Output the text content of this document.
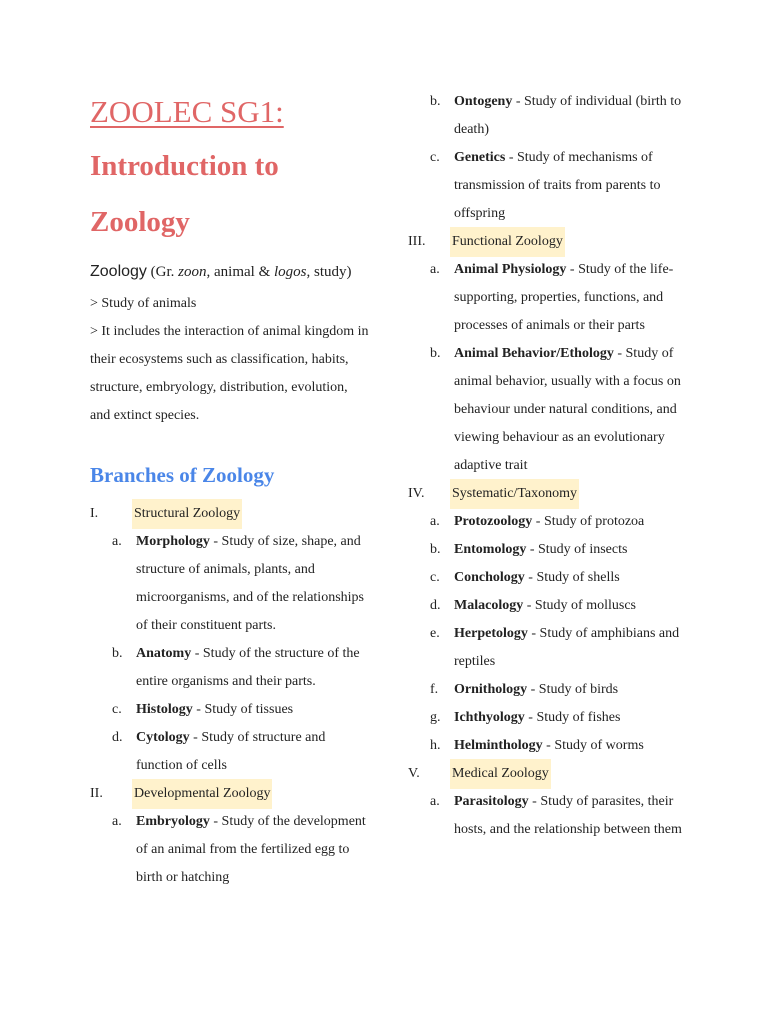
ZOOLEC SG1:
Introduction to
Zoology
Zoology (Gr. zoon, animal & logos, study)

> Study of animals

> It includes the interaction of animal kingdom in their ecosystems such as classification, habits, structure, embryology, distribution, evolution, and extinct species.

Branches of Zoology
I.	Structural Zoology
a.	Morphology - Study of size, shape, and structure of animals, plants, and microorganisms, and of the relationships of their constituent parts.
b. Anatomy - Study of the structure of the entire organisms and their parts.
c.	Histology - Study of tissues
d. Cytology - Study of structure and function of cells
II.	Developmental Zoology
a.	Embryology - Study of the development of an animal from the fertilized egg to birth or hatching
b. Ontogeny - Study of individual (birth to death)
c.	Genetics - Study of mechanisms of transmission of traits from parents to offspring
III.	Functional Zoology
a.	Animal Physiology - Study of the life-supporting, properties, functions, and processes of animals or their parts
b. Animal Behavior/Ethology - Study of animal behavior, usually with a focus on behaviour under natural conditions, and viewing behaviour as an evolutionary adaptive trait
IV.	Systematic/Taxonomy
a.	Protozoology - Study of protozoa
b. Entomology - Study of insects
c.	Conchology - Study of shells
d. Malacology - Study of molluscs
e.	Herpetology - Study of amphibians and reptiles
f.	Ornithology - Study of birds
g. Ichthyology - Study of fishes
h. Helminthology - Study of worms
V.	Medical Zoology
a.	Parasitology - Study of parasites, their hosts, and the relationship between them
